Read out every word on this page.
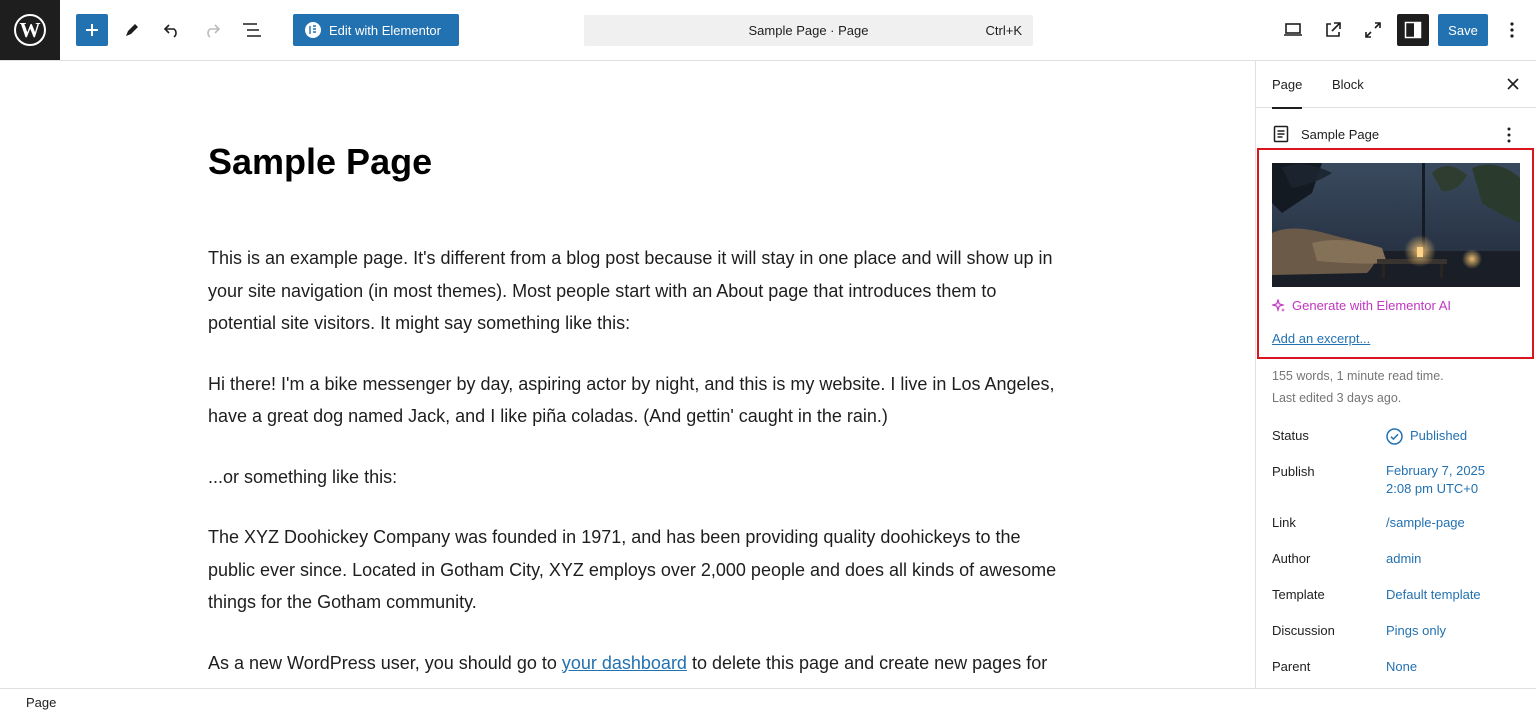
W	Edit with Elementor	Sample Page · Page	Ctrl+K	Save
Sample Page

This is an example page. It's different from a blog post because it will stay in one place and will show up in your site navigation (in most themes). Most people start with an About page that introduces them to potential site visitors. It might say something like this:

Hi there! I'm a bike messenger by day, aspiring actor by night, and this is my website. I live in Los Angeles, have a great dog named Jack, and I like piña coladas. (And gettin' caught in the rain.)

...or something like this:

The XYZ Doohickey Company was founded in 1971, and has been providing quality doohickeys to the public ever since. Located in Gotham City, XYZ employs over 2,000 people and does all kinds of awesome things for the Gotham community.

As a new WordPress user, you should go to your dashboard to delete this page and create new pages for

Page Block
Sample Page
Generate with Elementor AI
Add an excerpt...
155 words, 1 minute read time.
Last edited 3 days ago.
Status	Published
Publish	February 7, 2025
2:08 pm UTC+0
Link	/sample-page
Author	admin
Template	Default template
Discussion	Pings only
Parent	None
Page
